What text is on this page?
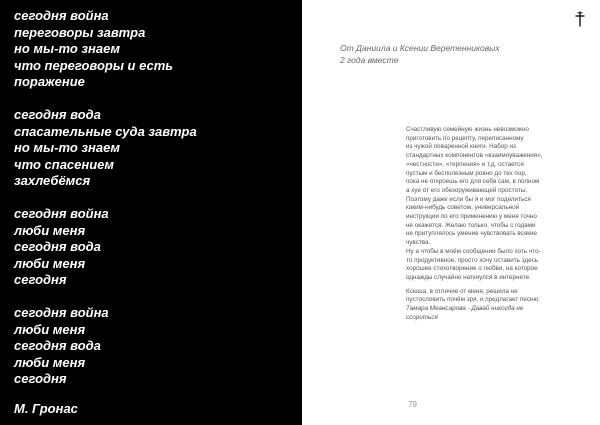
сегодня война
переговоры завтра
но мы-то знаем
что переговоры и есть
поражение
сегодня вода
спасательные суда завтра
но мы-то знаем
что спасением
захлебёмся
сегодня война
люби меня
сегодня вода
люби меня
сегодня
сегодня война
люби меня
сегодня вода
люби меня
сегодня
М. Гронас
От Даниила и Ксении Веретенниковых
2 года вместе
Счастливую семейную жизнь невозможно
приготовить по рецепту, переписанному
из чужой поваренной книги. Набор из
стандартных компонентов «взаимоуважения»,
«честности», «терпения» и т.д. остается
пустым и бесполезным ровно до тех пор,
пока не откроешь его для себя сам, в полном
а хуе от его обезоруживающей простоты.
Поэтому даже если бы я и мог поделиться
каким-нибудь советом, универсальной
инструкции по его применению у меня точно
не окажется. Желаю только, чтобы с годами
не притуплялось умение чувствовать всякие
чувства.
Ну а чтобы в моём сообщении было хоть что-
то продуктивное, просто хочу оставить здесь
хорошее стихотворение о любви, на которое
однажды случайно наткнулся в интернете.
Ксюша, в отличие от меня, решила не
пустословить почём зря, и предлагает песню:
Тамара Меансарова - Давай никогда не
ссориться
79
